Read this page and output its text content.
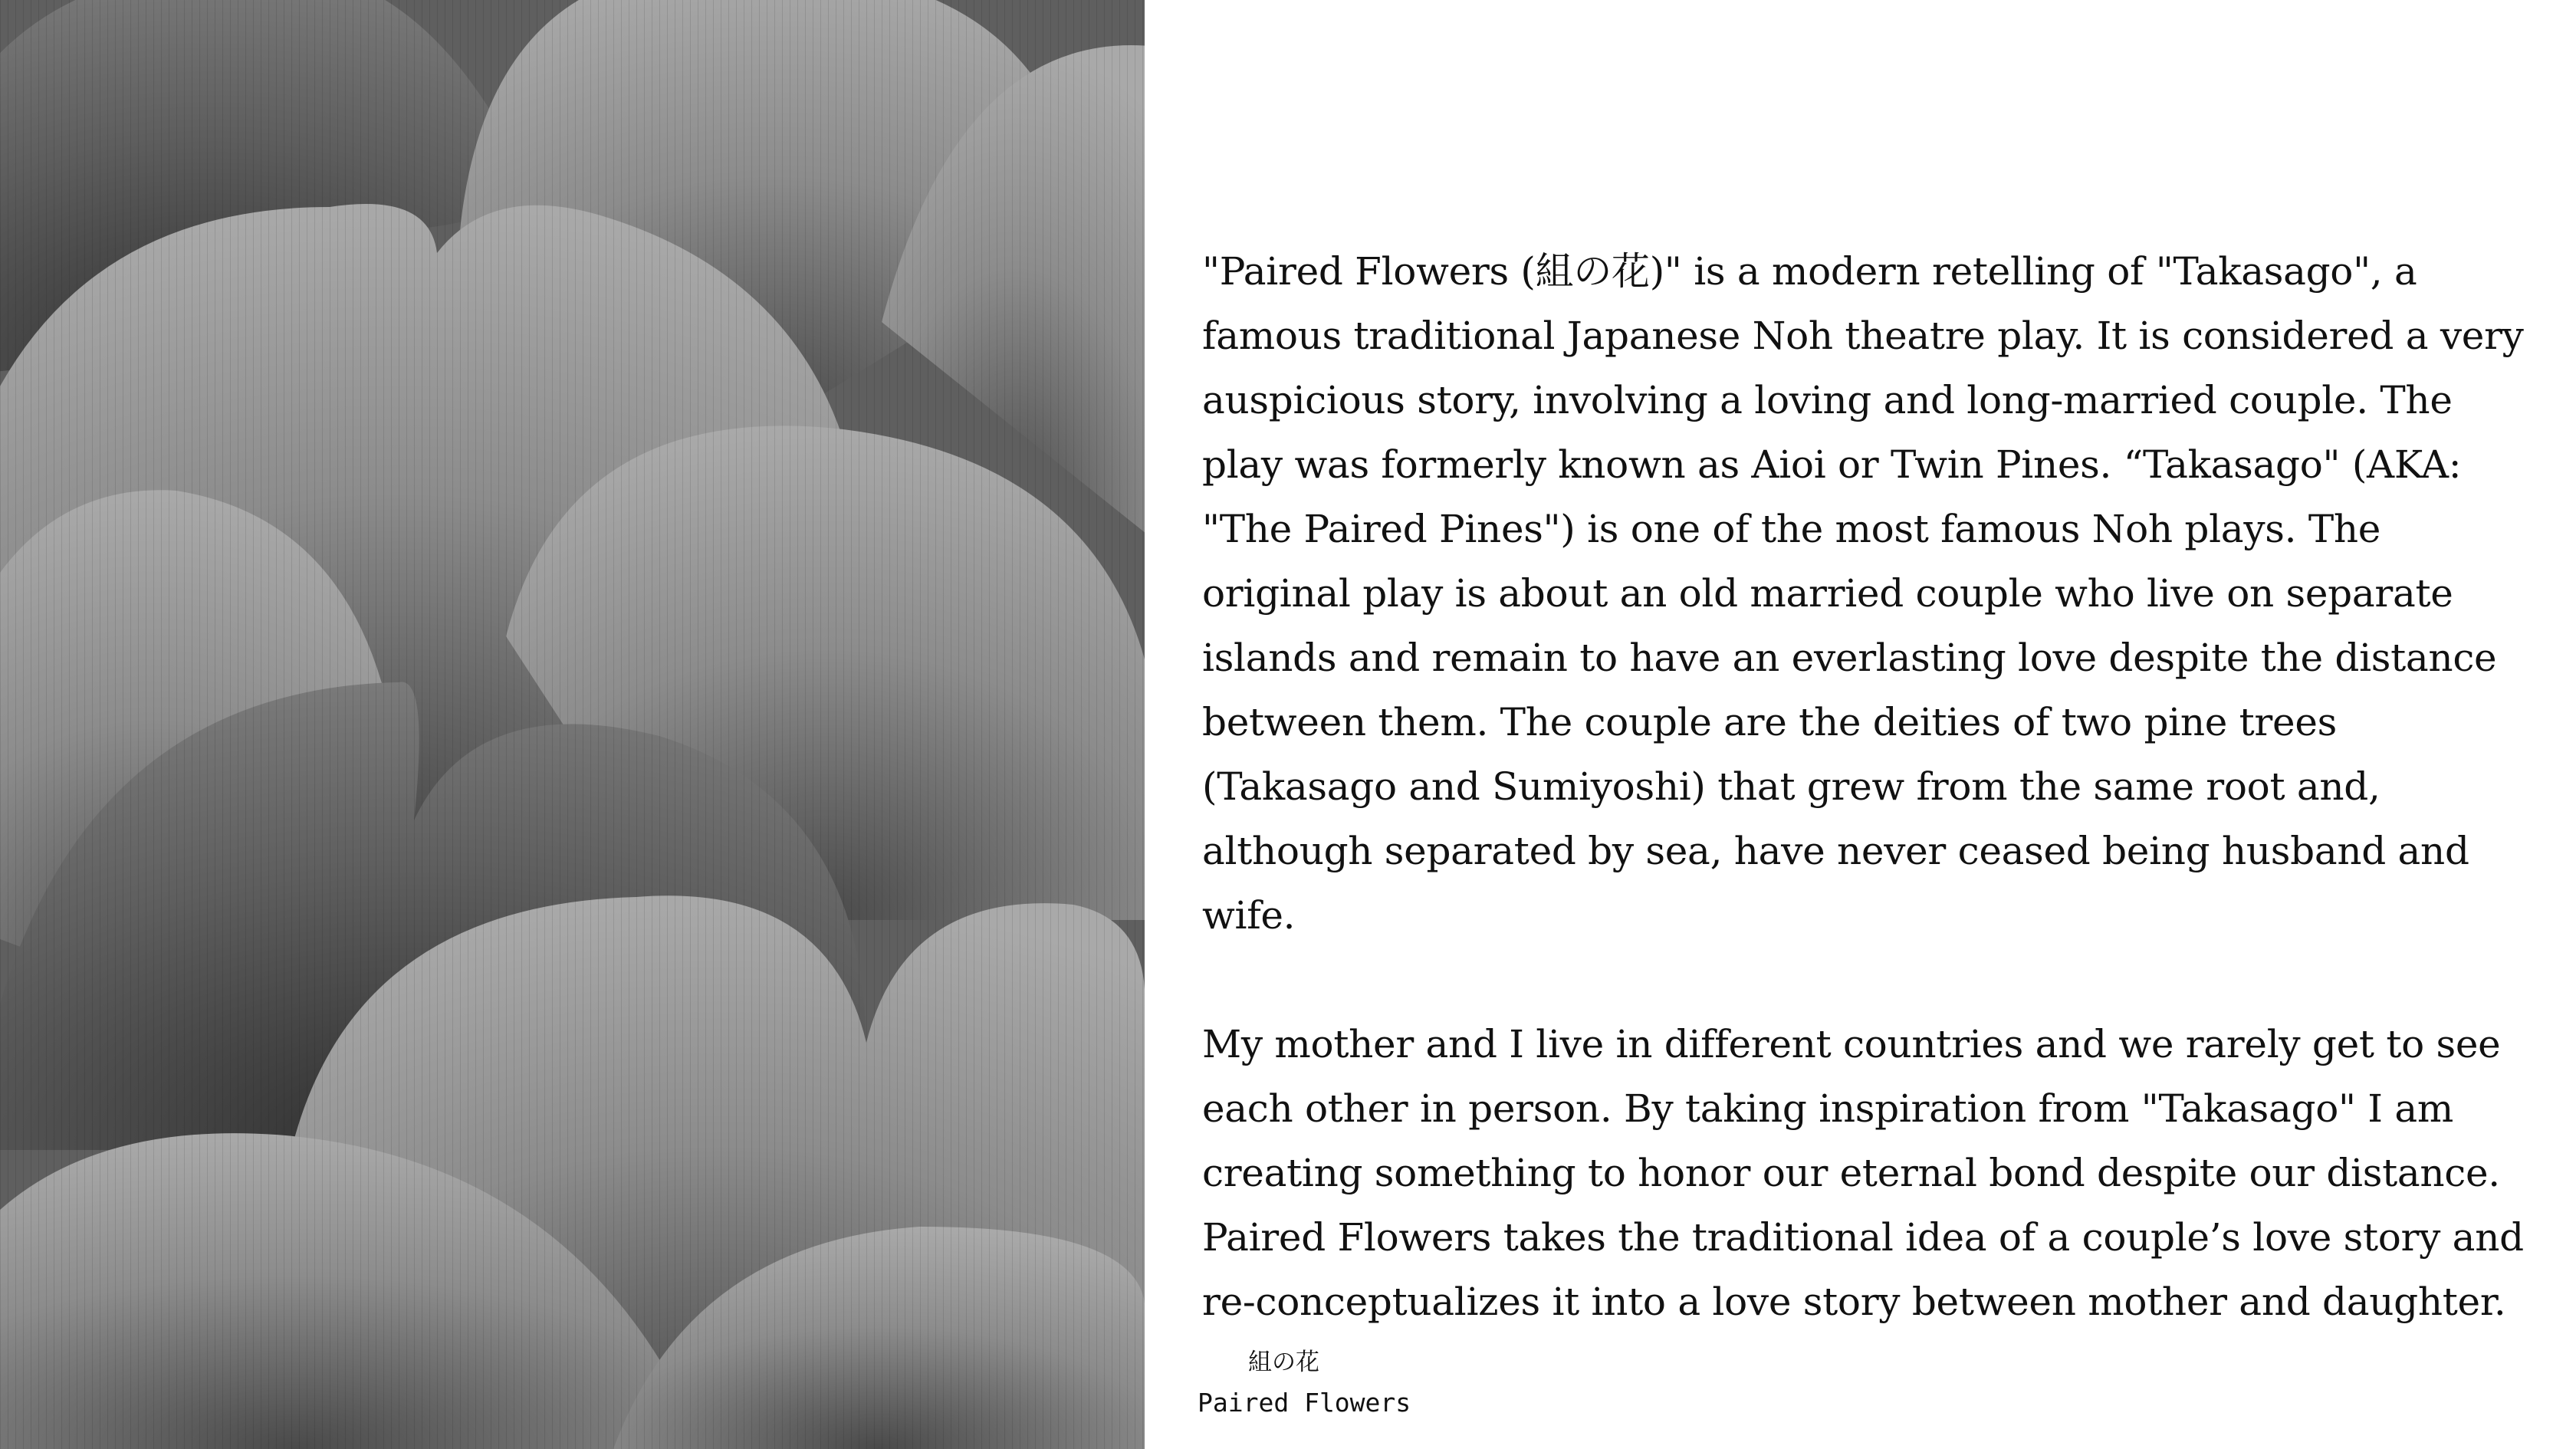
"Paired Flowers (組の花)" is a modern retelling of "Takasago", a famous traditional Japanese Noh theatre play. It is considered a very auspicious story, involving a loving and long-married couple. The play was formerly known as Aioi or Twin Pines. “Takasago" (AKA: "The Paired Pines") is one of the most famous Noh plays. The original play is about an old married couple who live on separate islands and remain to have an everlasting love despite the distance between them. The couple are the deities of two pine trees (Takasago and Sumiyoshi) that grew from the same root and, although separated by sea, have never ceased being husband and wife.

My mother and I live in different countries and we rarely get to see each other in person. By taking inspiration from "Takasago" I am creating something to honor our eternal bond despite our distance. Paired Flowers takes the traditional idea of a couple’s love story and re-conceptualizes it into a love story between mother and daughter.

組の花
Paired Flowers
